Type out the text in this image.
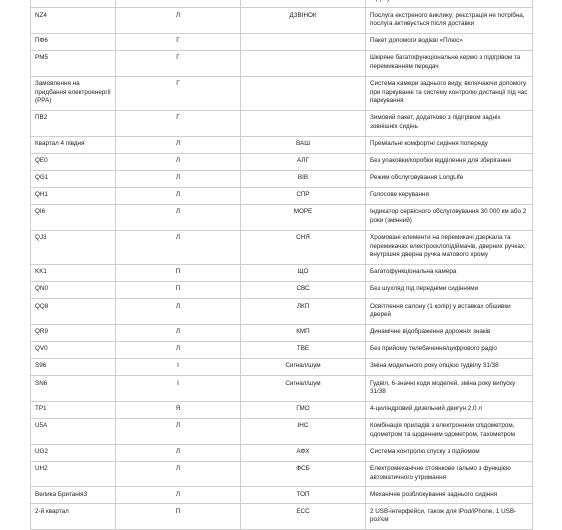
NZ4	Л	ДЗВІНОК	Послуга екстреного виклику; реєстрація не потрібна, послуга активується після доставки
ПФ6	Г		Пакет допомоги водієві «Плюс»
PM5	Г		Шкіряне багатофункціональне кермо з підігрівом та перемиканням передач
Замовлення на придбання електроенергії (PPA)	Г		Система камери заднього виду, включаючи допомогу при паркуванні та систему контролю дистанції під час паркування
ПВ2	Г		Зимовий пакет, додатково з підігрівом задніх зовнішніх сидінь
Квартал 4 півдня	Л	ВАШ	Преміальні комфортні сидіння попереду
QE0	Л	АЛГ	Без упаковки/коробки відділення для зберігання
QG1	Л	ВІВ	Режим обслуговування LongLife
QH1	Л	СПР	Голосове керування
QI6	Л	МОРЕ	Індикатор сервісного обслуговування 30 000 км або 2 роки (змінний)
QJ3	Л	СНЯ	Хромовані елементи на перемикачі дзеркала та перемикачах електросклопідіймачів, дверних ручках; внутрішня дверна ручка матового хрому
KK1	П	ЩО	Багатофункціональна камера
QN0	П	СВС	Без шухляд під передніми сидіннями
QQ8	Л	ЛКП	Освітлення салону (1 колір) у вставках обшивки дверей
QR9	Л	КМП	Динамічне відображення дорожніх знаків
QV0	Л	ТВЕ	Без прийому телебачення/цифрового радіо
S96	І	Сигнал/шум	Зміна модельного року опцією гудвілу 31/38
SN6	І	Сигнал/шум	Гудвіл, 6-значні коди моделей, зміна року випуску 31/38
TP1	Я	ГМО	4-циліндровий дизельний двигун 2,0 л
U5A	Л	ІНС	Комбінація приладів з електронним спідометром, одометром та щоденним одометром, тахометром
UG2	Л	АФХ	Система контролю спуску з підйомом
UH2	Л	ФСБ	Електромеханічне стоянкове гальмо з функцією автоматичного утримання
Велика Британія3	Л	ТОП	Механічне розблокування заднього сидіння
2-й квартал	П	ЕСС	2 USB-інтерфейси, також для iPod/iPhone, 1 USB-роз'єм
